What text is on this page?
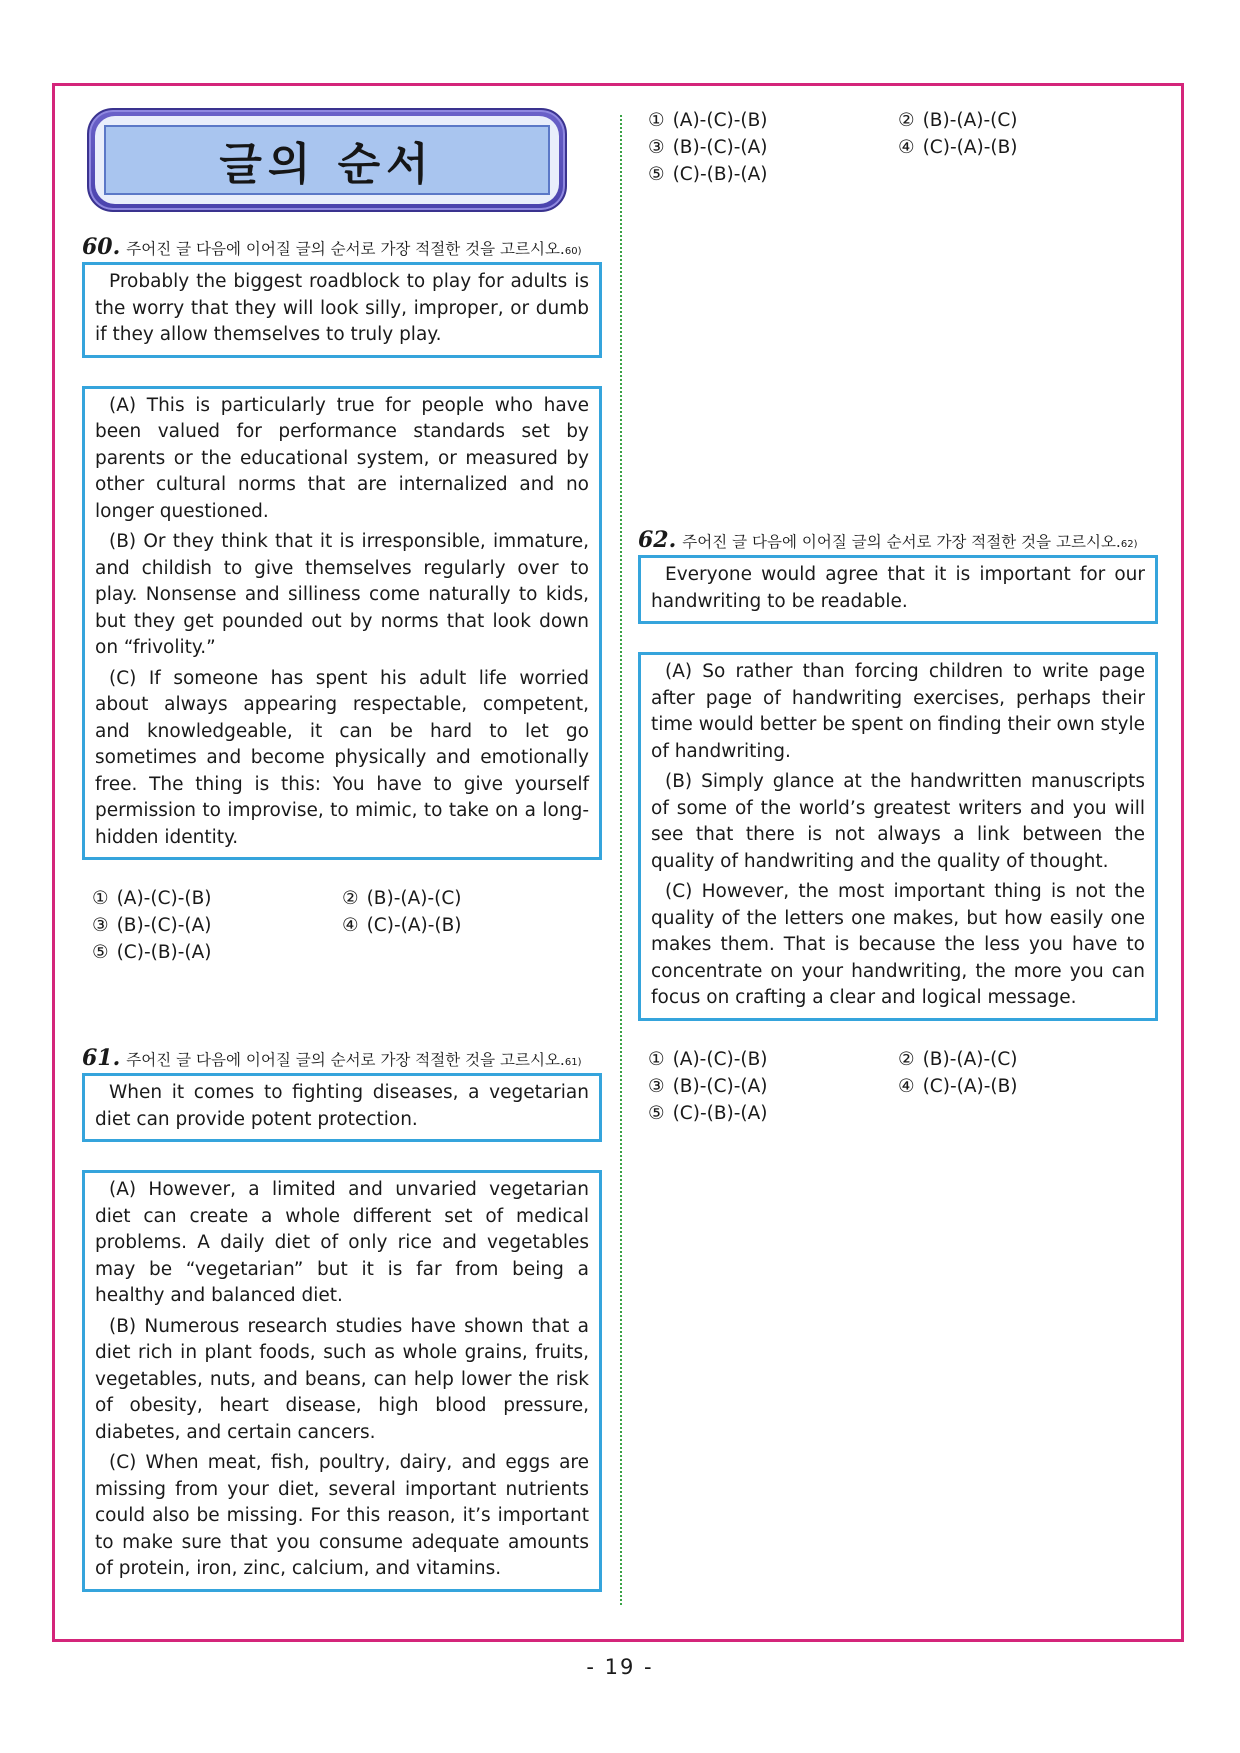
글의 순서
60. 주어진 글 다음에 이어질 글의 순서로 가장 적절한 것을 고르시오. 60)

Probably the biggest roadblock to play for adults is the worry that they will look silly, improper, or dumb if they allow themselves to truly play.

(A) This is particularly true for people who have been valued for performance standards set by parents or the educational system, or measured by other cultural norms that are internalized and no longer questioned.

(B) Or they think that it is irresponsible, immature, and childish to give themselves regularly over to play. Nonsense and silliness come naturally to kids, but they get pounded out by norms that look down on “frivolity.”

(C) If someone has spent his adult life worried about always appearing respectable, competent, and knowledgeable, it can be hard to let go sometimes and become physically and emotionally free. The thing is this: You have to give yourself permission to improvise, to mimic, to take on a long-hidden identity.

① (A)-(C)-(B)	② (B)-(A)-(C)
③ (B)-(C)-(A)	④ (C)-(A)-(B)
⑤ (C)-(B)-(A)
61. 주어진 글 다음에 이어질 글의 순서로 가장 적절한 것을 고르시오. 61)

When it comes to fighting diseases, a vegetarian diet can provide potent protection.

(A) However, a limited and unvaried vegetarian diet can create a whole different set of medical problems. A daily diet of only rice and vegetables may be “vegetarian” but it is far from being a healthy and balanced diet.

(B) Numerous research studies have shown that a diet rich in plant foods, such as whole grains, fruits, vegetables, nuts, and beans, can help lower the risk of obesity, heart disease, high blood pressure, diabetes, and certain cancers.

(C) When meat, fish, poultry, dairy, and eggs are missing from your diet, several important nutrients could also be missing. For this reason, it’s important to make sure that you consume adequate amounts of protein, iron, zinc, calcium, and vitamins.

① (A)-(C)-(B)	② (B)-(A)-(C)
③ (B)-(C)-(A)	④ (C)-(A)-(B)
⑤ (C)-(B)-(A)
62. 주어진 글 다음에 이어질 글의 순서로 가장 적절한 것을 고르시오. 62)

Everyone would agree that it is important for our handwriting to be readable.

(A) So rather than forcing children to write page after page of handwriting exercises, perhaps their time would better be spent on finding their own style of handwriting.

(B) Simply glance at the handwritten manuscripts of some of the world’s greatest writers and you will see that there is not always a link between the quality of handwriting and the quality of thought.

(C) However, the most important thing is not the quality of the letters one makes, but how easily one makes them. That is because the less you have to concentrate on your handwriting, the more you can focus on crafting a clear and logical message.

① (A)-(C)-(B)	② (B)-(A)-(C)
③ (B)-(C)-(A)	④ (C)-(A)-(B)
⑤ (C)-(B)-(A)
- 19 -
